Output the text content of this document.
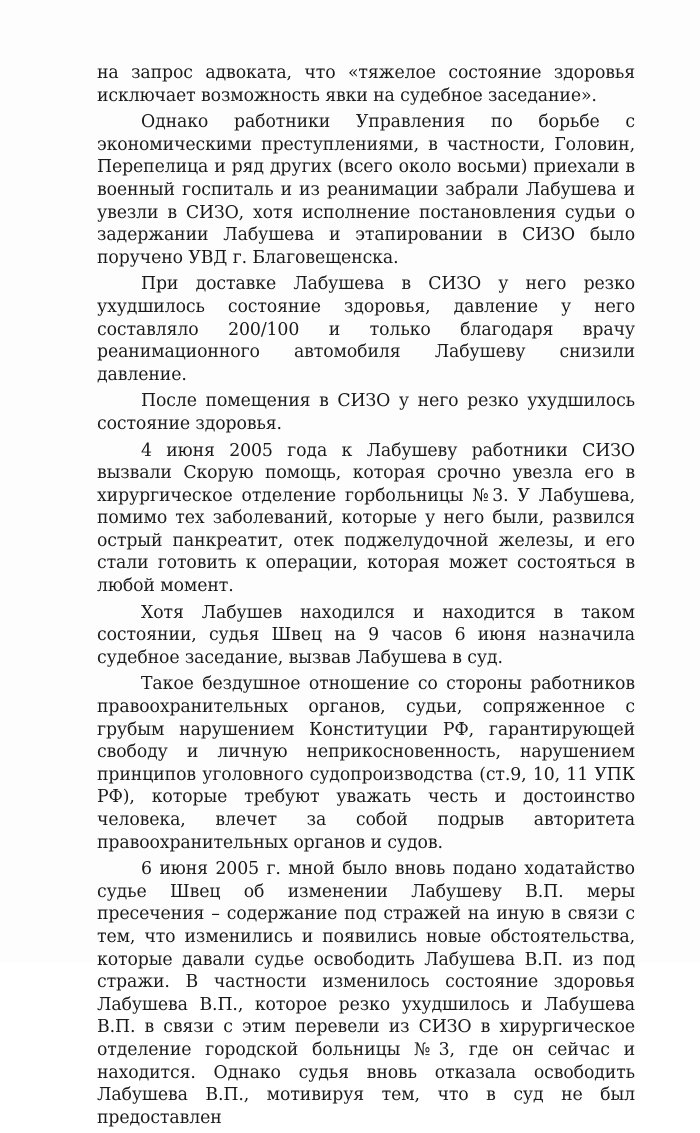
на запрос адвоката, что «тяжелое состояние здоровья исключает возможность явки на судебное заседание».

Однако работники Управления по борьбе с экономическими преступлениями, в частности, Головин, Перепелица и ряд других (всего около восьми) приехали в военный госпиталь и из реанимации забрали Лабушева и увезли в СИЗО, хотя исполнение постановления судьи о задержании Лабушева и этапировании в СИЗО было поручено УВД г. Благовещенска.

При доставке Лабушева в СИЗО у него резко ухудшилось состояние здоровья, давление у него составляло 200/100 и только благодаря врачу реанимационного автомобиля Лабушеву снизили давление.

После помещения в СИЗО у него резко ухудшилось состояние здоровья.

4 июня 2005 года к Лабушеву работники СИЗО вызвали Скорую помощь, которая срочно увезла его в хирургическое отделение горбольницы №3. У Лабушева, помимо тех заболеваний, которые у него были, развился острый панкреатит, отек поджелудочной железы, и его стали готовить к операции, которая может состояться в любой момент.

Хотя Лабушев находился и находится в таком состоянии, судья Швец на 9 часов 6 июня назначила судебное заседание, вызвав Лабушева в суд.

Такое бездушное отношение со стороны работников правоохранительных органов, судьи, сопряженное с грубым нарушением Конституции РФ, гарантирующей свободу и личную неприкосновенность, нарушением принципов уголовного судопроизводства (ст.9, 10, 11 УПК РФ), которые требуют уважать честь и достоинство человека, влечет за собой подрыв авторитета правоохранительных органов и судов.

6 июня 2005 г. мной было вновь подано ходатайство судье Швец об изменении Лабушеву В.П. меры пресечения – содержание под стражей на иную в связи с тем, что изменились и появились новые обстоятельства, которые давали судье освободить Лабушева В.П. из под стражи. В частности изменилось состояние здоровья Лабушева В.П., которое резко ухудшилось и Лабушева В.П. в связи с этим перевели из СИЗО в хирургическое отделение городской больницы №3, где он сейчас и находится. Однако судья вновь отказала освободить Лабушева В.П., мотивируя тем, что в суд не был предоставлен
